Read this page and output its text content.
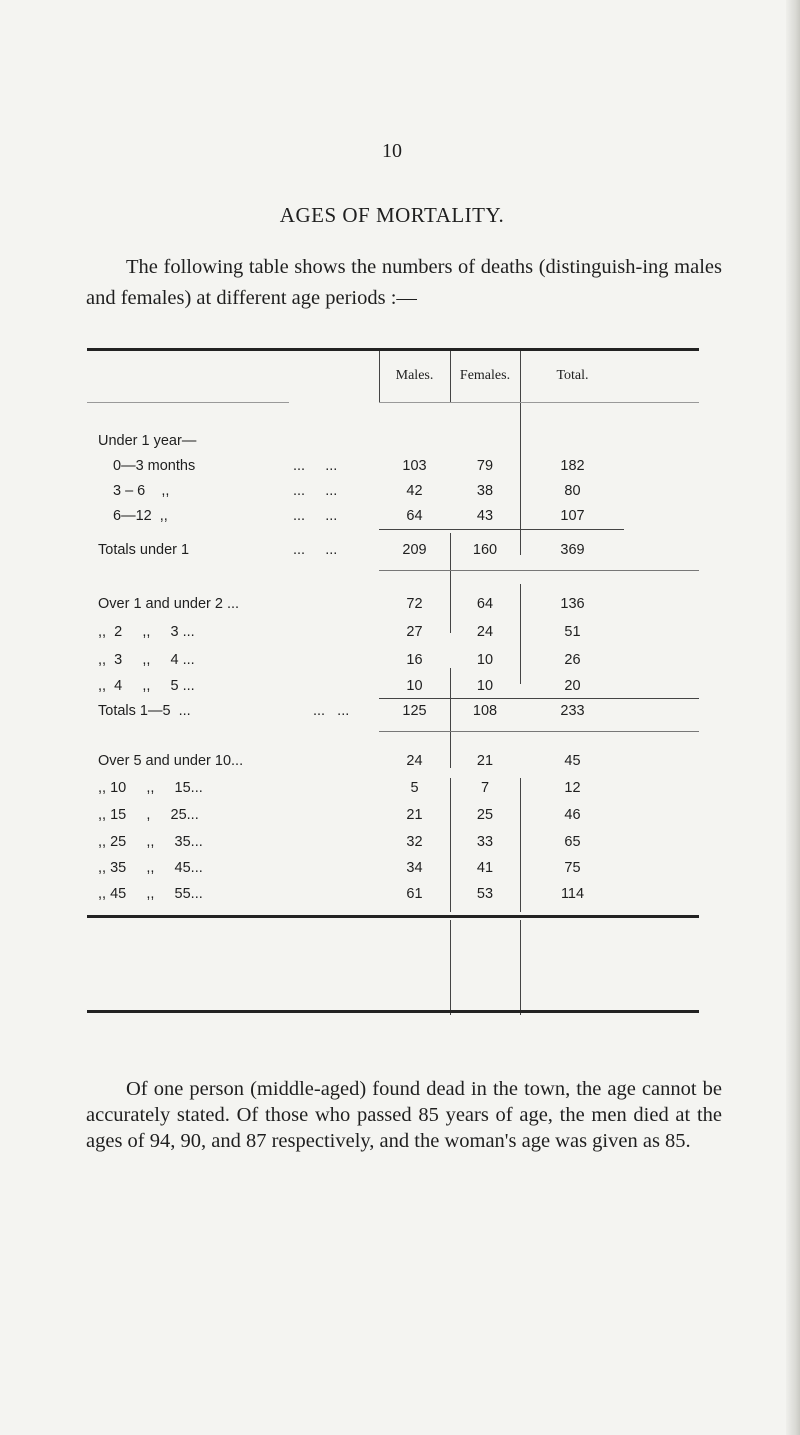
10
AGES OF MORTALITY.

The following table shows the numbers of deaths (distinguish-ing males and females) at different age periods :—

Males.	Females.	Total.
Under 1 year—
0—3 months	...     ...	103	79	182
3 – 6    ,,	...     ...	42	38	80
6—12  ,,	...     ...	64	43	107
Totals under 1	...     ...	209	160	369
Over 1 and under 2 ...	72	64	136
,,  2     ,,     3 ...	27	24	51
,,  3     ,,     4 ...	16	10	26
,,  4     ,,     5 ...	10	10	20
Totals 1—5  ...	...   ...	125	108	233
Over 5 and under 10...	24	21	45
,, 10     ,,     15...	5	7	12
,, 15     ,     25...	21	25	46
,, 25     ,,     35...	32	33	65
,, 35     ,,     45...	34	41	75
,, 45     ,,     55...	61	53	114

Of one person (middle-aged) found dead in the town, the age cannot be accurately stated. Of those who passed 85 years of age, the men died at the ages of 94, 90, and 87 respectively, and the woman's age was given as 85.
